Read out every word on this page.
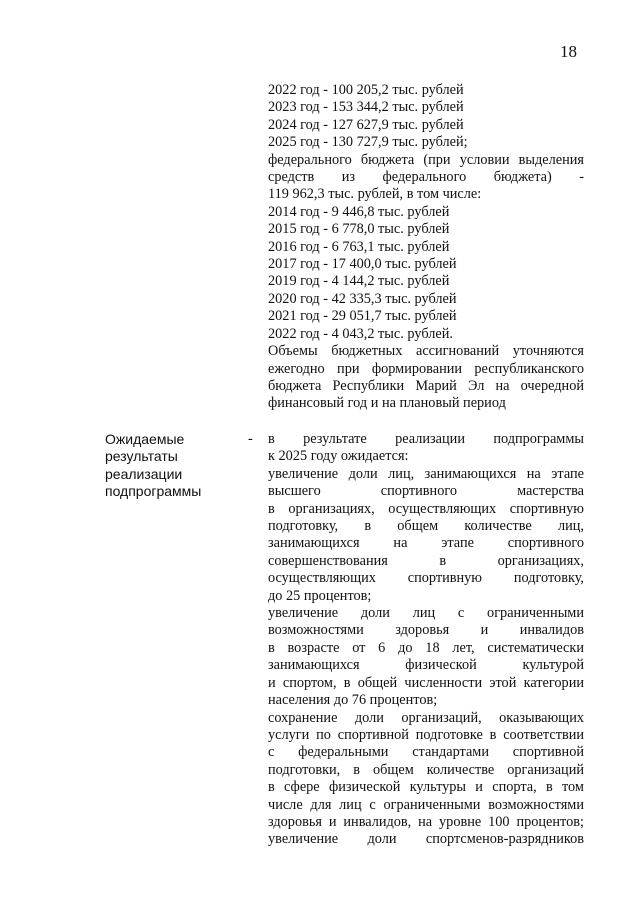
18
2022 год - 100 205,2 тыс. рублей
2023 год - 153 344,2 тыс. рублей
2024 год - 127 627,9 тыс. рублей
2025 год - 130 727,9 тыс. рублей;
федерального бюджета (при условии выделения
средств из федерального бюджета) -
119 962,3 тыс. рублей, в том числе:
2014 год - 9 446,8 тыс. рублей
2015 год - 6 778,0 тыс. рублей
2016 год - 6 763,1 тыс. рублей
2017 год - 17 400,0 тыс. рублей
2019 год - 4 144,2 тыс. рублей
2020 год - 42 335,3 тыс. рублей
2021 год - 29 051,7 тыс. рублей
2022 год - 4 043,2 тыс. рублей.
Объемы бюджетных ассигнований уточняются
ежегодно при формировании республиканского
бюджета Республики Марий Эл на очередной
финансовый год и на плановый период
Ожидаемые
результаты
реализации
подпрограммы
- в результате реализации подпрограммы
к 2025 году ожидается:
увеличение доли лиц, занимающихся на этапе
высшего спортивного мастерства
в организациях, осуществляющих спортивную
подготовку, в общем количестве лиц,
занимающихся на этапе спортивного
совершенствования в организациях,
осуществляющих спортивную подготовку,
до 25 процентов;
увеличение доли лиц с ограниченными
возможностями здоровья и инвалидов
в возрасте от 6 до 18 лет, систематически
занимающихся физической культурой
и спортом, в общей численности этой категории
населения до 76 процентов;
сохранение доли организаций, оказывающих
услуги по спортивной подготовке в соответствии
с федеральными стандартами спортивной
подготовки, в общем количестве организаций
в сфере физической культуры и спорта, в том
числе для лиц с ограниченными возможностями
здоровья и инвалидов, на уровне 100 процентов;
увеличение доли спортсменов-разрядников
